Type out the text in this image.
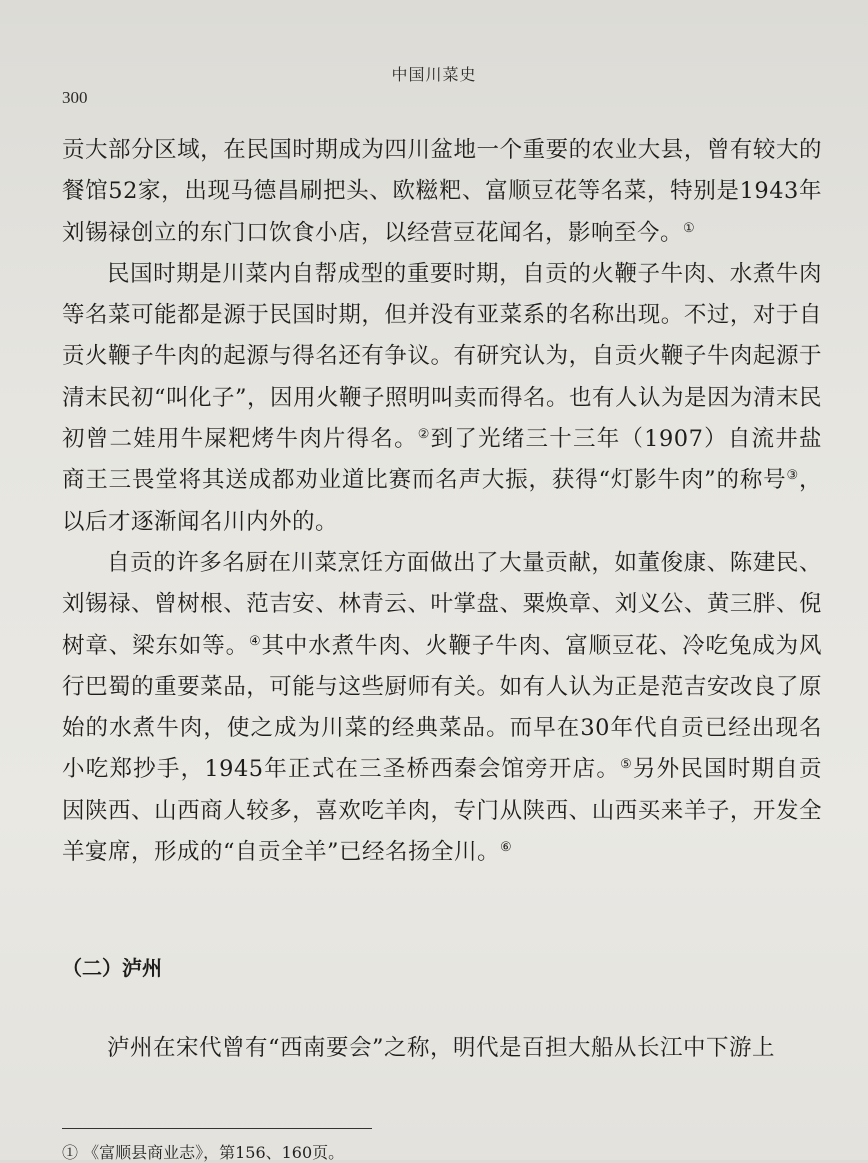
中国川菜史
300

贡大部分区域，在民国时期成为四川盆地一个重要的农业大县，曾有较大的餐馆52家，出现马德昌刷把头、欧糍粑、富顺豆花等名菜，特别是1943年刘锡禄创立的东门口饮食小店，以经营豆花闻名，影响至今。①

民国时期是川菜内自帮成型的重要时期，自贡的火鞭子牛肉、水煮牛肉等名菜可能都是源于民国时期，但并没有亚菜系的名称出现。不过，对于自贡火鞭子牛肉的起源与得名还有争议。有研究认为，自贡火鞭子牛肉起源于清末民初“叫化子”，因用火鞭子照明叫卖而得名。也有人认为是因为清末民初曾二娃用牛屎粑烤牛肉片得名。②到了光绪三十三年（1907）自流井盐商王三畏堂将其送成都劝业道比赛而名声大振，获得“灯影牛肉”的称号③，以后才逐渐闻名川内外的。

自贡的许多名厨在川菜烹饪方面做出了大量贡献，如董俊康、陈建民、刘锡禄、曾树根、范吉安、林青云、叶掌盘、粟焕章、刘义公、黄三胖、倪树章、梁东如等。④其中水煮牛肉、火鞭子牛肉、富顺豆花、冷吃兔成为风行巴蜀的重要菜品，可能与这些厨师有关。如有人认为正是范吉安改良了原始的水煮牛肉，使之成为川菜的经典菜品。而早在30年代自贡已经出现名小吃郑抄手，1945年正式在三圣桥西秦会馆旁开店。⑤另外民国时期自贡因陕西、山西商人较多，喜欢吃羊肉，专门从陕西、山西买来羊子，开发全羊宴席，形成的“自贡全羊”已经名扬全川。⑥

（二）泸州

泸州在宋代曾有“西南要会”之称，明代是百担大船从长江中下游上

① 《富顺县商业志》，第156、160页。
